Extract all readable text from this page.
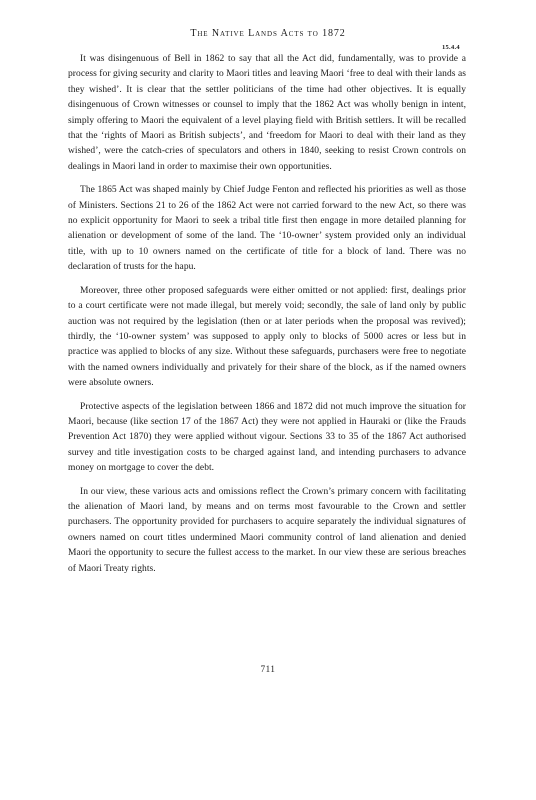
The Native Lands Acts to 1872
15.4.4

It was disingenuous of Bell in 1862 to say that all the Act did, fundamentally, was to provide a process for giving security and clarity to Maori titles and leaving Maori ‘free to deal with their lands as they wished’. It is clear that the settler politicians of the time had other objectives. It is equally disingenuous of Crown witnesses or counsel to imply that the 1862 Act was wholly benign in intent, simply offering to Maori the equivalent of a level playing field with British settlers. It will be recalled that the ‘rights of Maori as British subjects’, and ‘freedom for Maori to deal with their land as they wished’, were the catch-cries of speculators and others in 1840, seeking to resist Crown controls on dealings in Maori land in order to maximise their own opportunities.

The 1865 Act was shaped mainly by Chief Judge Fenton and reflected his priorities as well as those of Ministers. Sections 21 to 26 of the 1862 Act were not carried forward to the new Act, so there was no explicit opportunity for Maori to seek a tribal title first then engage in more detailed planning for alienation or development of some of the land. The ‘10-owner’ system provided only an individual title, with up to 10 owners named on the certificate of title for a block of land. There was no declaration of trusts for the hapu.

Moreover, three other proposed safeguards were either omitted or not applied: first, dealings prior to a court certificate were not made illegal, but merely void; secondly, the sale of land only by public auction was not required by the legislation (then or at later periods when the proposal was revived); thirdly, the ‘10-owner system’ was supposed to apply only to blocks of 5000 acres or less but in practice was applied to blocks of any size. Without these safeguards, purchasers were free to negotiate with the named owners individually and privately for their share of the block, as if the named owners were absolute owners.

Protective aspects of the legislation between 1866 and 1872 did not much improve the situation for Maori, because (like section 17 of the 1867 Act) they were not applied in Hauraki or (like the Frauds Prevention Act 1870) they were applied without vigour. Sections 33 to 35 of the 1867 Act authorised survey and title investigation costs to be charged against land, and intending purchasers to advance money on mortgage to cover the debt.

In our view, these various acts and omissions reflect the Crown’s primary concern with facilitating the alienation of Maori land, by means and on terms most favourable to the Crown and settler purchasers. The opportunity provided for purchasers to acquire separately the individual signatures of owners named on court titles undermined Maori community control of land alienation and denied Maori the opportunity to secure the fullest access to the market. In our view these are serious breaches of Maori Treaty rights.

711
